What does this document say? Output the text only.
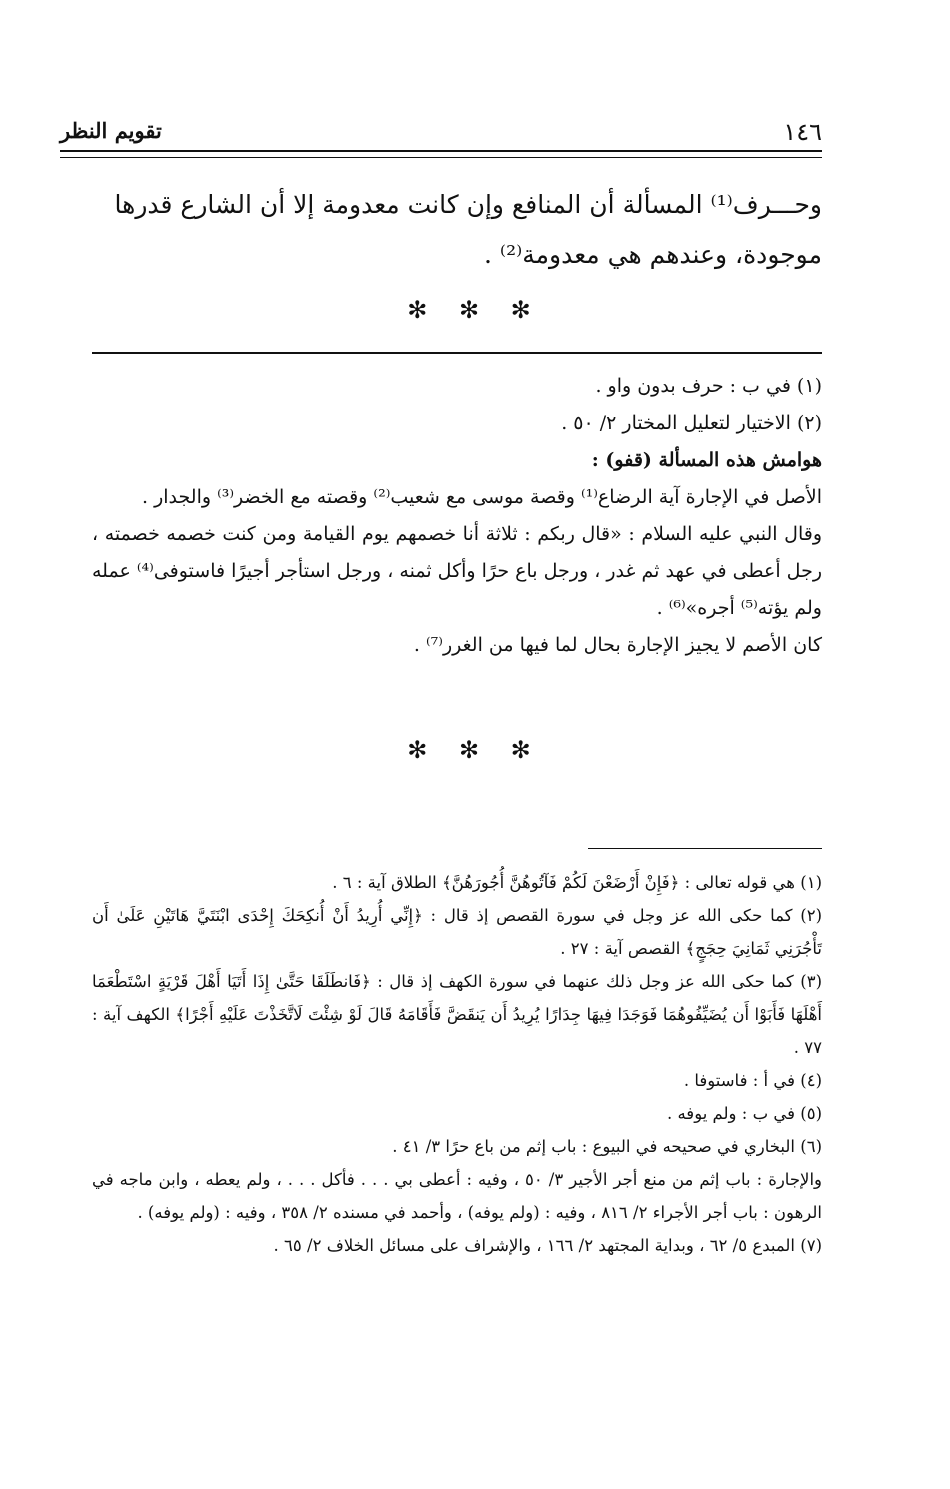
١٤٦
تقويم النظر

وحـــرف⁽¹⁾ المسألة أن المنافع وإن كانت معدومة إلا أن الشارع قدرها

موجودة، وعندهم هي معدومة⁽²⁾ .

✻ ✻ ✻

(١) في ب : حرف بدون واو .

(٢) الاختيار لتعليل المختار ٢/ ٥٠ .

هوامش هذه المسألة (قفو) :

الأصل في الإجارة آية الرضاع⁽¹⁾ وقصة موسى مع شعيب⁽²⁾ وقصته مع الخضر⁽³⁾ والجدار .

وقال النبي عليه السلام : «قال ربكم : ثلاثة أنا خصمهم يوم القيامة ومن كنت خصمه خصمته ، رجل أعطى في عهد ثم غدر ، ورجل باع حرًا وأكل ثمنه ، ورجل استأجر أجيرًا فاستوفى⁽⁴⁾ عمله ولم يؤته⁽⁵⁾ أجره»⁽⁶⁾ .

كان الأصم لا يجيز الإجارة بحال لما فيها من الغرر⁽⁷⁾ .

✻ ✻ ✻

(١) هي قوله تعالى : ﴿فَإِنْ أَرْضَعْنَ لَكُمْ فَآتُوهُنَّ أُجُورَهُنَّ﴾ الطلاق آية : ٦ .

(٢) كما حكى الله عز وجل في سورة القصص إذ قال : ﴿إِنِّي أُرِيدُ أَنْ أُنكِحَكَ إِحْدَى ابْنَتَيَّ هَاتَيْنِ عَلَىٰ أَن تَأْجُرَنِي ثَمَانِيَ حِجَجٍ﴾ القصص آية : ٢٧ .

(٣) كما حكى الله عز وجل ذلك عنهما في سورة الكهف إذ قال : ﴿فَانطَلَقَا حَتَّىٰ إِذَا أَتَيَا أَهْلَ قَرْيَةٍ اسْتَطْعَمَا أَهْلَهَا فَأَبَوْا أَن يُضَيِّفُوهُمَا فَوَجَدَا فِيهَا جِدَارًا يُرِيدُ أَن يَنقَضَّ فَأَقَامَهُ قَالَ لَوْ شِئْتَ لَاتَّخَذْتَ عَلَيْهِ أَجْرًا﴾ الكهف آية : ٧٧ .

(٤) في أ : فاستوفا .

(٥) في ب : ولم يوفه .

(٦) البخاري في صحيحه في البيوع : باب إثم من باع حرًا ٣/ ٤١ .

والإجارة : باب إثم من منع أجر الأجير ٣/ ٥٠ ، وفيه : أعطى بي . . . فأكل . . . ، ولم يعطه ، وابن ماجه في الرهون : باب أجر الأجراء ٢/ ٨١٦ ، وفيه : (ولم يوفه) ، وأحمد في مسنده ٢/ ٣٥٨ ، وفيه : (ولم يوفه) .

(٧) المبدع ٥/ ٦٢ ، وبداية المجتهد ٢/ ١٦٦ ، والإشراف على مسائل الخلاف ٢/ ٦٥ .
